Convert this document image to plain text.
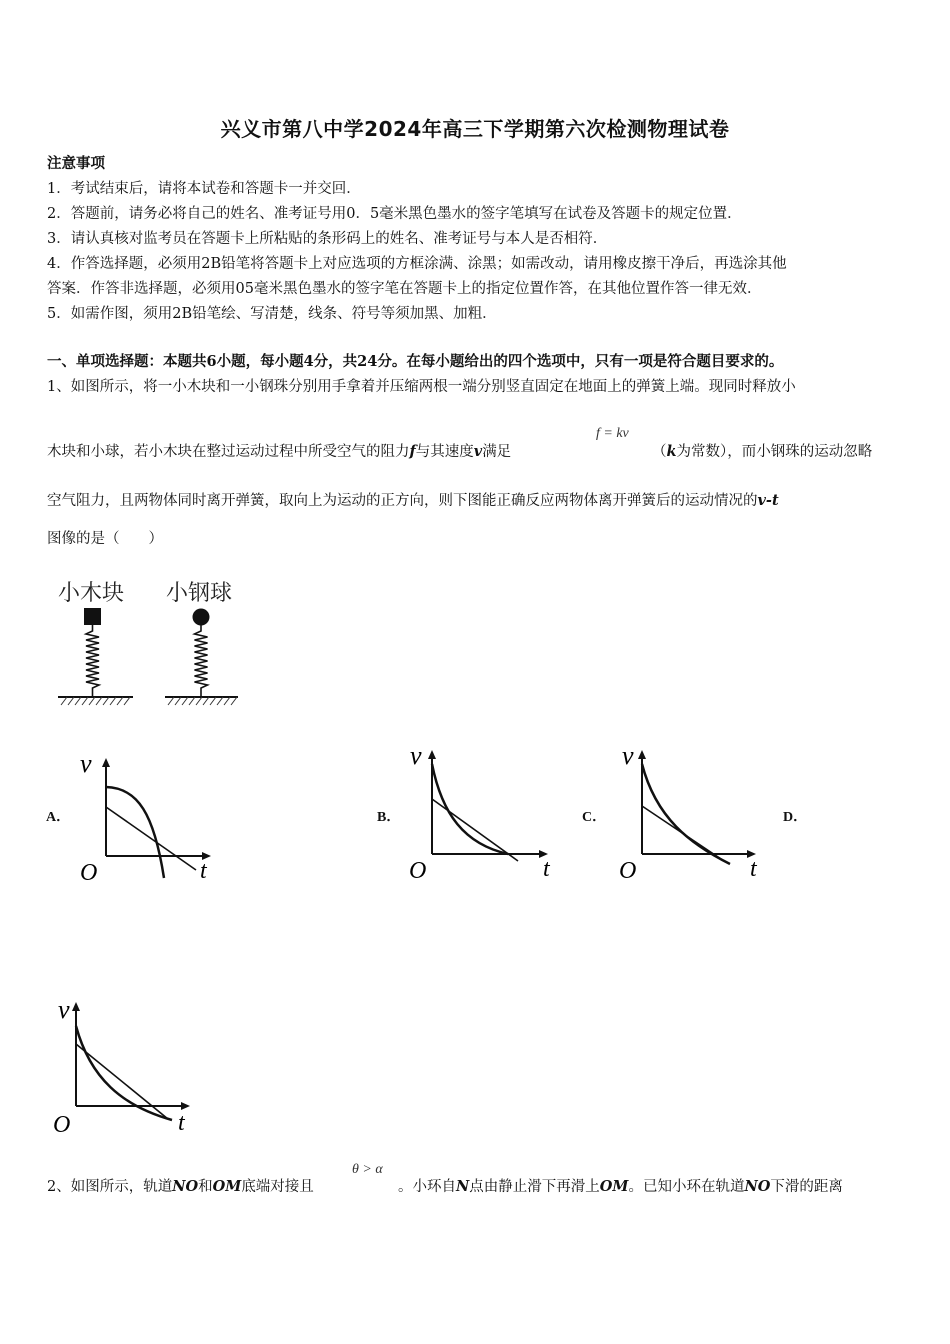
兴义市第八中学2024年高三下学期第六次检测物理试卷
注意事项
1．考试结束后，请将本试卷和答题卡一并交回．
2．答题前，请务必将自己的姓名、准考证号用0．5毫米黑色墨水的签字笔填写在试卷及答题卡的规定位置．
3．请认真核对监考员在答题卡上所粘贴的条形码上的姓名、准考证号与本人是否相符．
4．作答选择题，必须用2B铅笔将答题卡上对应选项的方框涂满、涂黑；如需改动，请用橡皮擦干净后，再选涂其他
答案．作答非选择题，必须用05毫米黑色墨水的签字笔在答题卡上的指定位置作答，在其他位置作答一律无效．
5．如需作图，须用2B铅笔绘、写清楚，线条、符号等须加黑、加粗．
一、单项选择题：本题共6小题，每小题4分，共24分。在每小题给出的四个选项中，只有一项是符合题目要求的。
1、如图所示，将一小木块和一小钢珠分别用手拿着并压缩两根一端分别竖直固定在地面上的弹簧上端。现同时释放小
木块和小球，若小木块在整过运动过程中所受空气的阻力f与其速度v满足
f = kv
（k为常数），而小钢珠的运动忽略
空气阻力，且两物体同时离开弹簧，取向上为运动的正方向，则下图能正确反应两物体离开弹簧后的运动情况的v-t
图像的是（　　）
小木块 小钢球
A．	B．	C．	D．
v
O	t
v
O	t
v
O	t
v
O	t
2、如图所示，轨道NO和OM底端对接且
θ > α
。小环自N点由静止滑下再滑上OM。已知小环在轨道NO下滑的距离
